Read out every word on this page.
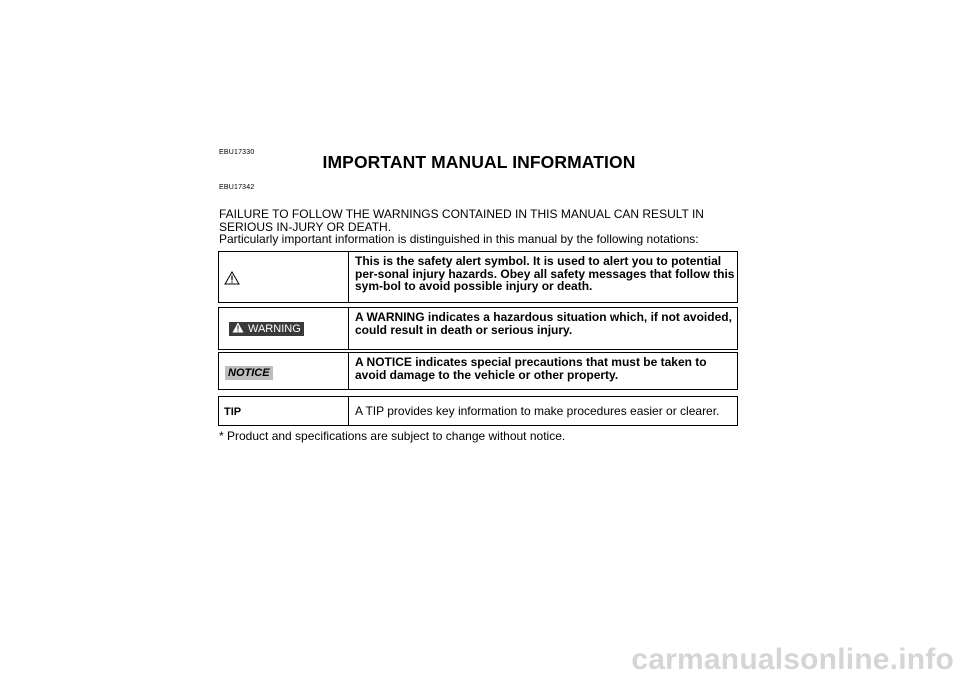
EBU17330	IMPORTANT MANUAL INFORMATION
EBU17342

FAILURE TO FOLLOW THE WARNINGS CONTAINED IN THIS MANUAL CAN RESULT IN SERIOUS IN-JURY OR DEATH.

Particularly important information is distinguished in this manual by the following notations:

This is the safety alert symbol. It is used to alert you to potential per-sonal injury hazards. Obey all safety messages that follow this sym-bol to avoid possible injury or death.
WARNING
A WARNING indicates a hazardous situation which, if not avoided, could result in death or serious injury.
NOTICE
A NOTICE indicates special precautions that must be taken to avoid damage to the vehicle or other property.
TIP	A TIP provides key information to make procedures easier or clearer.
* Product and specifications are subject to change without notice.
carmanualsonline.info
